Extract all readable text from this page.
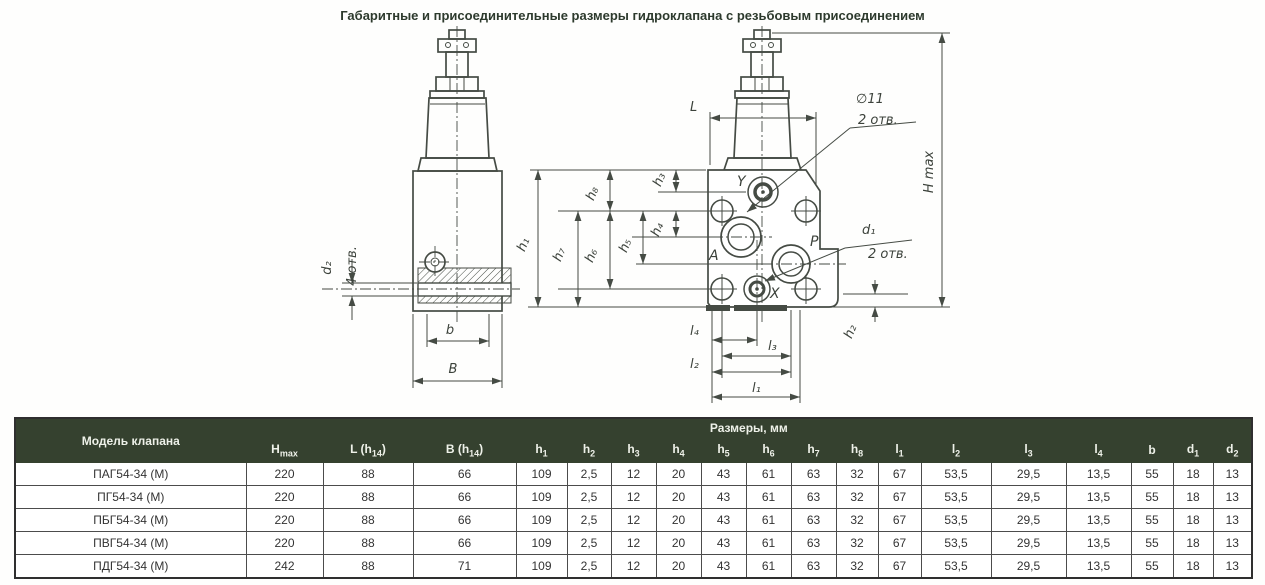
Габаритные и присоединительные размеры гидроклапана с резьбовым присоединением
d₂ 4 отв.
b
B
Y
A
P
X
L
∅11
2 отв.
H max
d₁
2 отв.
h₂
h₁
h₇
h₈
h₆
h₅
h₄
h₃
l₄
l₃
l₂
l₁
Модель клапана	Размеры, мм																	
	$H_{max}$	L $(h_{14})$	B $(h_{14})$	$h_1$	$h_2$	$h_3$	$h_4$	$h_5$	$h_6$	$h_7$	$h_8$	$l_1$	$l_2$	$l_3$	$l_4$	b	$d_1$	$d_2$
ПАГ54-34 (М)	220	88	66	109	2,5	12	20	43	61	63	32	67	53,5	29,5	13,5	55	18	13
ПГ54-34 (М)	220	88	66	109	2,5	12	20	43	61	63	32	67	53,5	29,5	13,5	55	18	13
ПБГ54-34 (М)	220	88	66	109	2,5	12	20	43	61	63	32	67	53,5	29,5	13,5	55	18	13
ПВГ54-34 (М)	220	88	66	109	2,5	12	20	43	61	63	32	67	53,5	29,5	13,5	55	18	13
ПДГ54-34 (М)	242	88	71	109	2,5	12	20	43	61	63	32	67	53,5	29,5	13,5	55	18	13
